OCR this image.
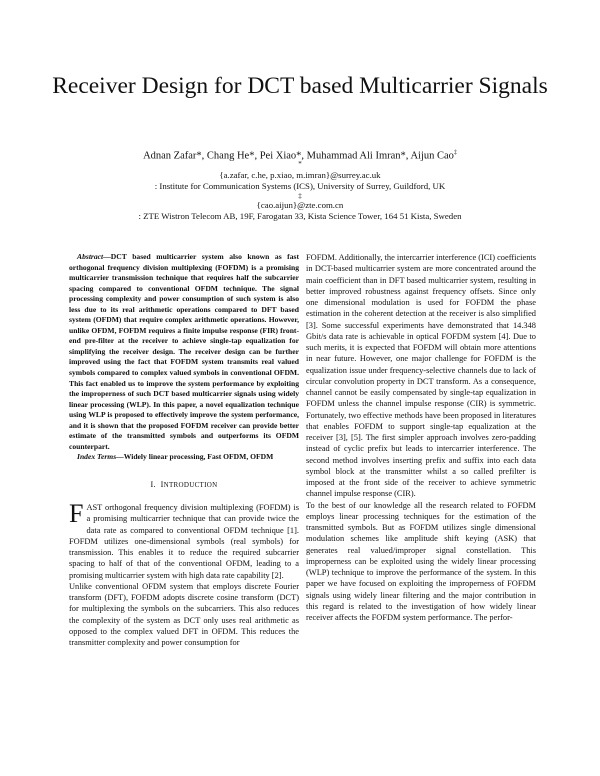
Receiver Design for DCT based Multicarrier Signals
Adnan Zafar*, Chang He*, Pei Xiao*, Muhammad Ali Imran*, Aijun Cao‡
*
{a.zafar, c.he, p.xiao, m.imran}@surrey.ac.uk
: Institute for Communication Systems (ICS), University of Surrey, Guildford, UK
‡
{cao.aijun}@zte.com.cn
: ZTE Wistron Telecom AB, 19F, Farogatan 33, Kista Science Tower, 164 51 Kista, Sweden

Abstract—DCT based multicarrier system also known as fast orthogonal frequency division multiplexing (FOFDM) is a promising multicarrier transmission technique that requires half the subcarrier spacing compared to conventional OFDM technique. The signal processing complexity and power consumption of such system is also less due to its real arithmetic operations compared to DFT based system (OFDM) that require complex arithmetic operations. However, unlike OFDM, FOFDM requires a finite impulse response (FIR) front-end pre-filter at the receiver to achieve single-tap equalization for simplifying the receiver design. The receiver design can be further improved using the fact that FOFDM system transmits real valued symbols compared to complex valued symbols in conventional OFDM. This fact enabled us to improve the system performance by exploiting the improperness of such DCT based multicarrier signals using widely linear processing (WLP). In this paper, a novel equalization technique using WLP is proposed to effectively improve the system performance, and it is shown that the proposed FOFDM receiver can provide better estimate of the transmitted symbols and outperforms its OFDM counterpart.

Index Terms—Widely linear processing, Fast OFDM, OFDM

I. INTRODUCTION

FAST orthogonal frequency division multiplexing (FOFDM) is a promising multicarrier technique that can provide twice the data rate as compared to conventional OFDM technique [1]. FOFDM utilizes one-dimensional symbols (real symbols) for transmission. This enables it to reduce the required subcarrier spacing to half of that of the conventional OFDM, leading to a promising multicarrier system with high data rate capability [2].

Unlike conventional OFDM system that employs discrete Fourier transform (DFT), FOFDM adopts discrete cosine transform (DCT) for multiplexing the symbols on the subcarriers. This also reduces the complexity of the system as DCT only uses real arithmetic as opposed to the complex valued DFT in OFDM. This reduces the transmitter complexity and power consumption for

FOFDM. Additionally, the intercarrier interference (ICI) coefficients in DCT-based multicarrier system are more concentrated around the main coefficient than in DFT based multicarrier system, resulting in better improved robustness against frequency offsets. Since only one dimensional modulation is used for FOFDM the phase estimation in the coherent detection at the receiver is also simplified [3]. Some successful experiments have demonstrated that 14.348 Gbit/s data rate is achievable in optical FOFDM system [4]. Due to such merits, it is expected that FOFDM will obtain more attentions in near future. However, one major challenge for FOFDM is the equalization issue under frequency-selective channels due to lack of circular convolution property in DCT transform. As a consequence, channel cannot be easily compensated by single-tap equalization in FOFDM unless the channel impulse response (CIR) is symmetric. Fortunately, two effective methods have been proposed in literatures that enables FOFDM to support single-tap equalization at the receiver [3], [5]. The first simpler approach involves zero-padding instead of cyclic prefix but leads to intercarrier interference. The second method involves inserting prefix and suffix into each data symbol block at the transmitter whilst a so called prefilter is imposed at the front side of the receiver to achieve symmetric channel impulse response (CIR).

To the best of our knowledge all the research related to FOFDM employs linear processing techniques for the estimation of the transmitted symbols. But as FOFDM utilizes single dimensional modulation schemes like amplitude shift keying (ASK) that generates real valued/improper signal constellation. This improperness can be exploited using the widely linear processing (WLP) technique to improve the performance of the system. In this paper we have focused on exploiting the improperness of FOFDM signals using widely linear filtering and the major contribution in this regard is related to the investigation of how widely linear receiver affects the FOFDM system performance. The perfor-
